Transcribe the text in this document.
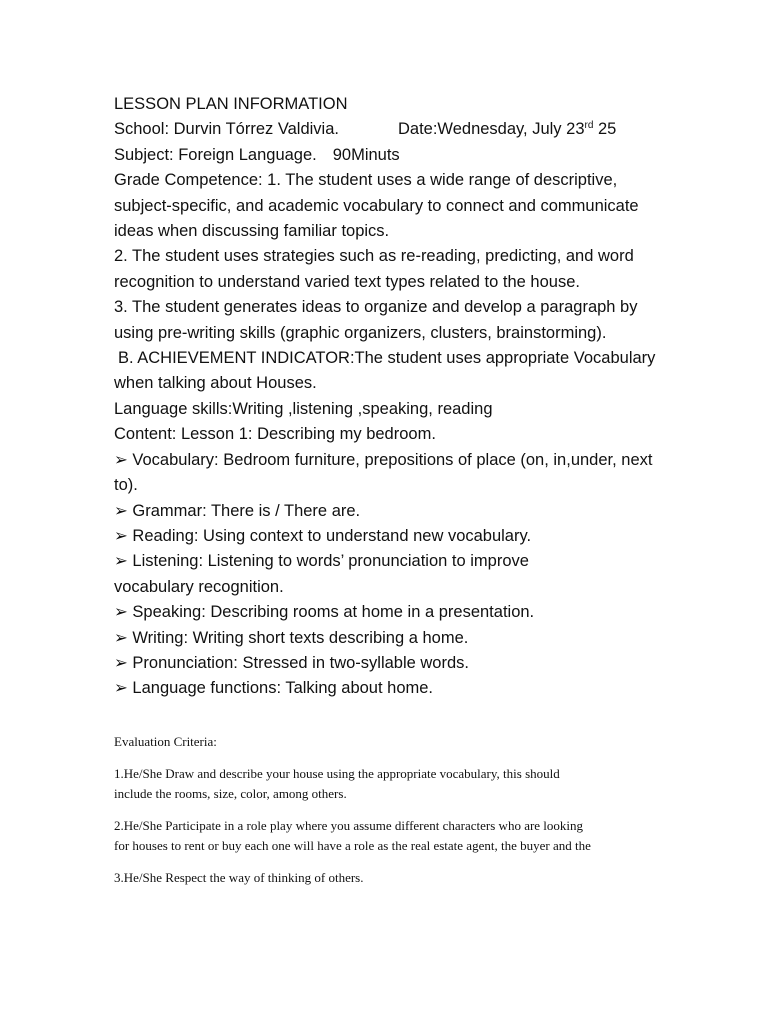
LESSON PLAN INFORMATION

School: Durvin Tórrez Valdivia.	Date:Wednesday, July 23rd 25

Subject: Foreign Language. 90Minuts

Grade Competence: 1. The student uses a wide range of descriptive,

subject-specific, and academic vocabulary to connect and communicate

ideas when discussing familiar topics.

2. The student uses strategies such as re-reading, predicting, and word

recognition to understand varied text types related to the house.

3. The student generates ideas to organize and develop a paragraph by

using pre-writing skills (graphic organizers, clusters, brainstorming).

B. ACHIEVEMENT INDICATOR:The student uses appropriate Vocabulary

when talking about Houses.

Language skills:Writing ,listening ,speaking, reading

Content: Lesson 1: Describing my bedroom.

➢ Vocabulary: Bedroom furniture, prepositions of place (on, in,under, next

to).

➢ Grammar: There is / There are.

➢ Reading: Using context to understand new vocabulary.

➢ Listening: Listening to words’ pronunciation to improve

vocabulary recognition.

➢ Speaking: Describing rooms at home in a presentation.

➢ Writing: Writing short texts describing a home.

➢ Pronunciation: Stressed in two-syllable words.

➢ Language functions: Talking about home.

Evaluation Criteria:

1.He/She Draw and describe your house using the appropriate vocabulary, this should

include the rooms, size, color, among others.

2.He/She Participate in a role play where you assume different characters who are looking

for houses to rent or buy each one will have a role as the real estate agent, the buyer and the

3.He/She Respect the way of thinking of others.
